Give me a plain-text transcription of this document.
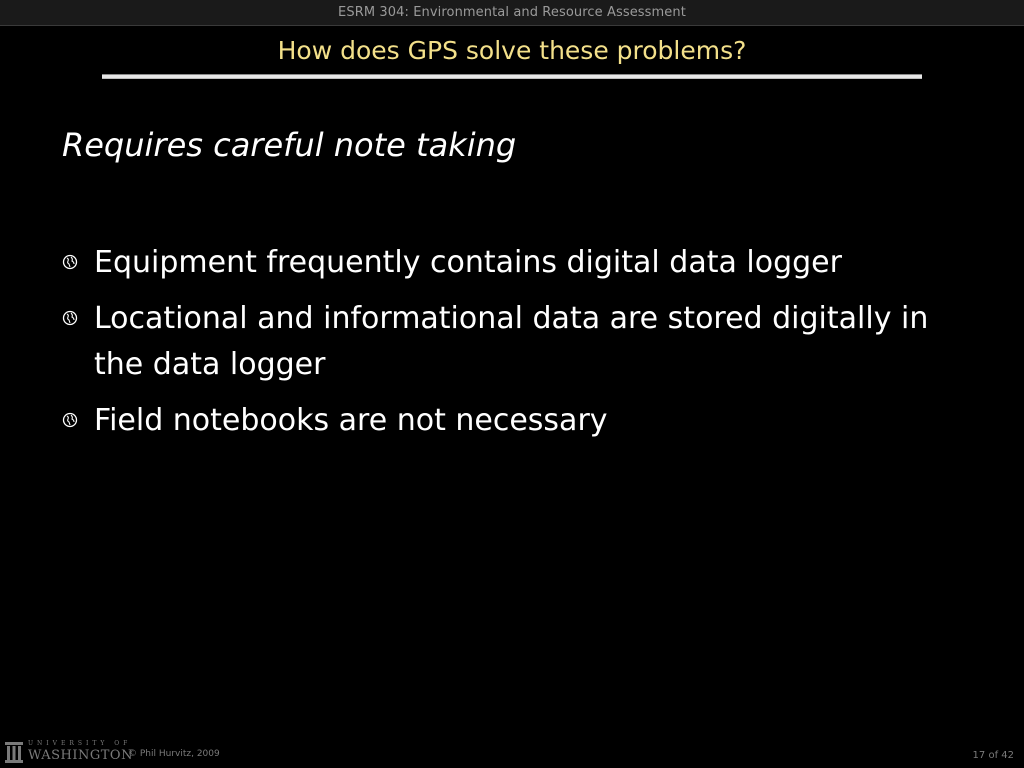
ESRM 304: Environmental and Resource Assessment
How does GPS solve these problems?
Requires careful note taking
Equipment frequently contains digital data logger
Locational and informational data are stored digitally in the data logger
Field notebooks are not necessary
UNIVERSITY OF
WASHINGTON
© Phil Hurvitz, 2009	17 of 42
